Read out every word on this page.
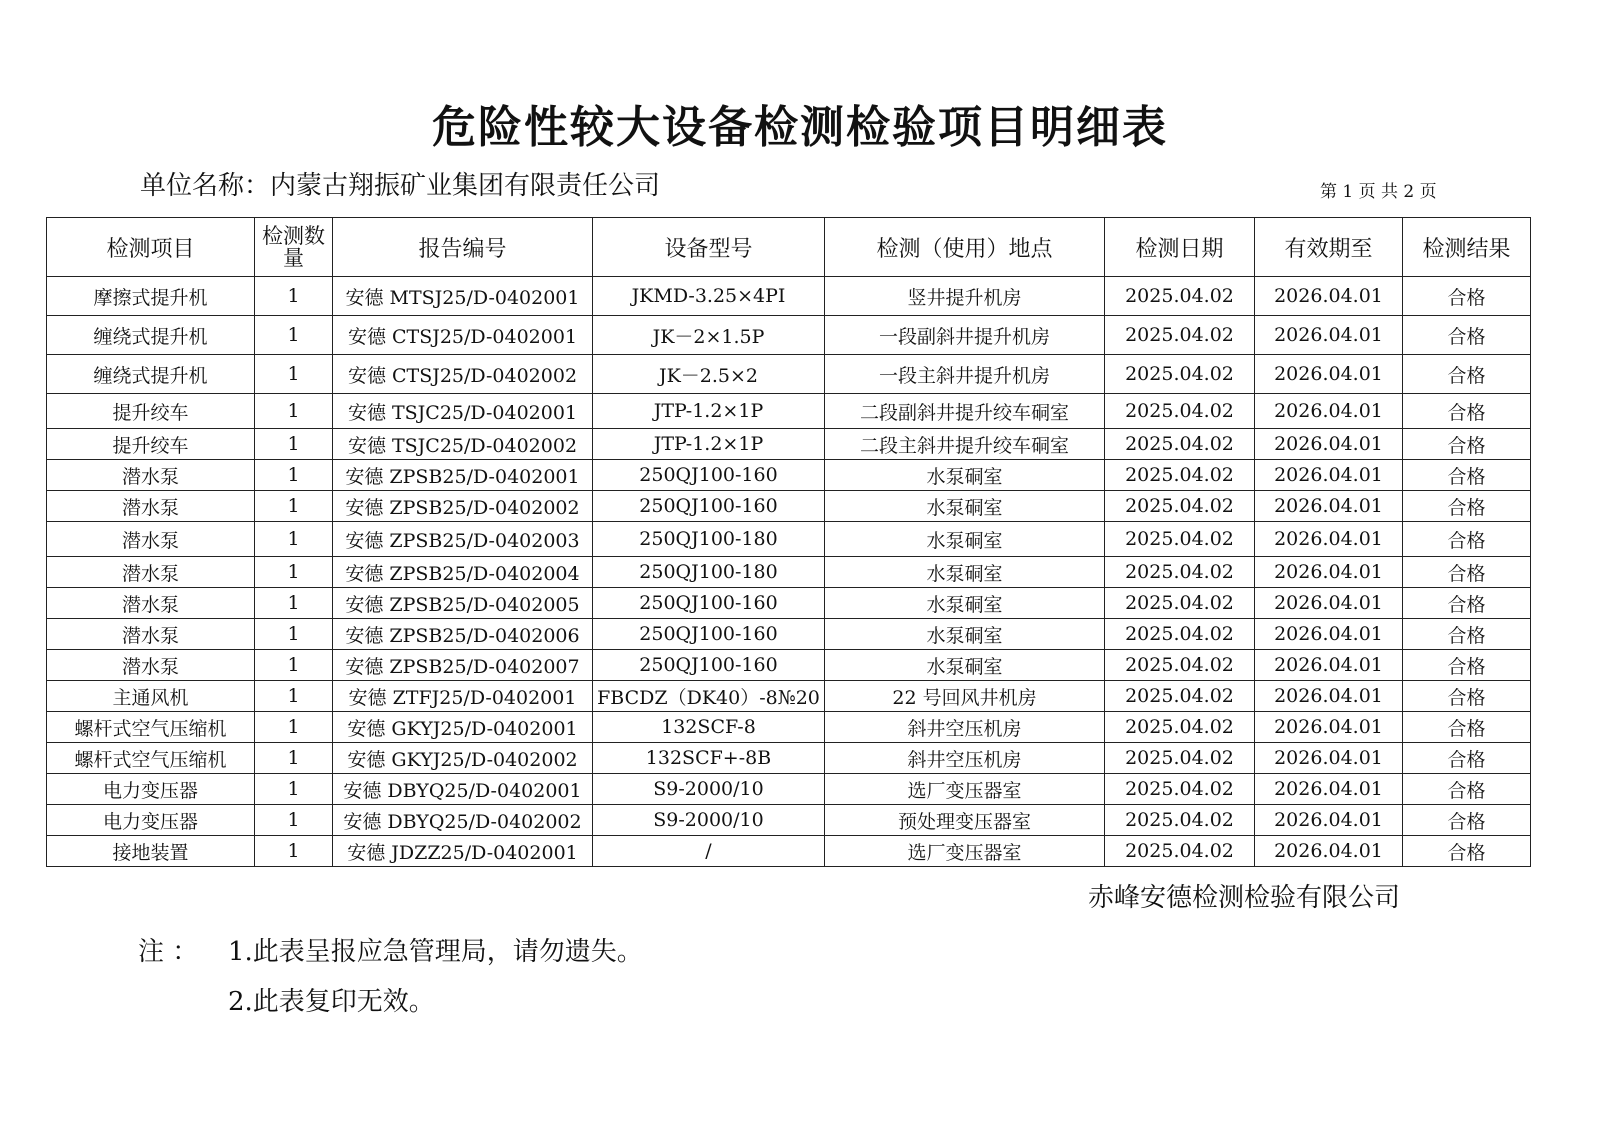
危险性较大设备检测检验项目明细表
单位名称：内蒙古翔振矿业集团有限责任公司	第 1 页 共 2 页
检测项目	检测数量	报告编号	设备型号	检测（使用）地点	检测日期	有效期至	检测结果
摩擦式提升机	1	安德 MTSJ25/D-0402001	JKMD-3.25×4PI	竖井提升机房	2025.04.02	2026.04.01	合格
缠绕式提升机	1	安德 CTSJ25/D-0402001	JK－2×1.5P	一段副斜井提升机房	2025.04.02	2026.04.01	合格
缠绕式提升机	1	安德 CTSJ25/D-0402002	JK－2.5×2	一段主斜井提升机房	2025.04.02	2026.04.01	合格
提升绞车	1	安德 TSJC25/D-0402001	JTP-1.2×1P	二段副斜井提升绞车硐室	2025.04.02	2026.04.01	合格
提升绞车	1	安德 TSJC25/D-0402002	JTP-1.2×1P	二段主斜井提升绞车硐室	2025.04.02	2026.04.01	合格
潜水泵	1	安德 ZPSB25/D-0402001	250QJ100-160	水泵硐室	2025.04.02	2026.04.01	合格
潜水泵	1	安德 ZPSB25/D-0402002	250QJ100-160	水泵硐室	2025.04.02	2026.04.01	合格
潜水泵	1	安德 ZPSB25/D-0402003	250QJ100-180	水泵硐室	2025.04.02	2026.04.01	合格
潜水泵	1	安德 ZPSB25/D-0402004	250QJ100-180	水泵硐室	2025.04.02	2026.04.01	合格
潜水泵	1	安德 ZPSB25/D-0402005	250QJ100-160	水泵硐室	2025.04.02	2026.04.01	合格
潜水泵	1	安德 ZPSB25/D-0402006	250QJ100-160	水泵硐室	2025.04.02	2026.04.01	合格
潜水泵	1	安德 ZPSB25/D-0402007	250QJ100-160	水泵硐室	2025.04.02	2026.04.01	合格
主通风机	1	安德 ZTFJ25/D-0402001	FBCDZ（DK40）-8№20	22 号回风井机房	2025.04.02	2026.04.01	合格
螺杆式空气压缩机	1	安德 GKYJ25/D-0402001	132SCF-8	斜井空压机房	2025.04.02	2026.04.01	合格
螺杆式空气压缩机	1	安德 GKYJ25/D-0402002	132SCF+-8B	斜井空压机房	2025.04.02	2026.04.01	合格
电力变压器	1	安德 DBYQ25/D-0402001	S9-2000/10	选厂变压器室	2025.04.02	2026.04.01	合格
电力变压器	1	安德 DBYQ25/D-0402002	S9-2000/10	预处理变压器室	2025.04.02	2026.04.01	合格
接地装置	1	安德 JDZZ25/D-0402001	/	选厂变压器室	2025.04.02	2026.04.01	合格
赤峰安德检测检验有限公司
注 ： 1.此表呈报应急管理局，请勿遗失。
2.此表复印无效。
